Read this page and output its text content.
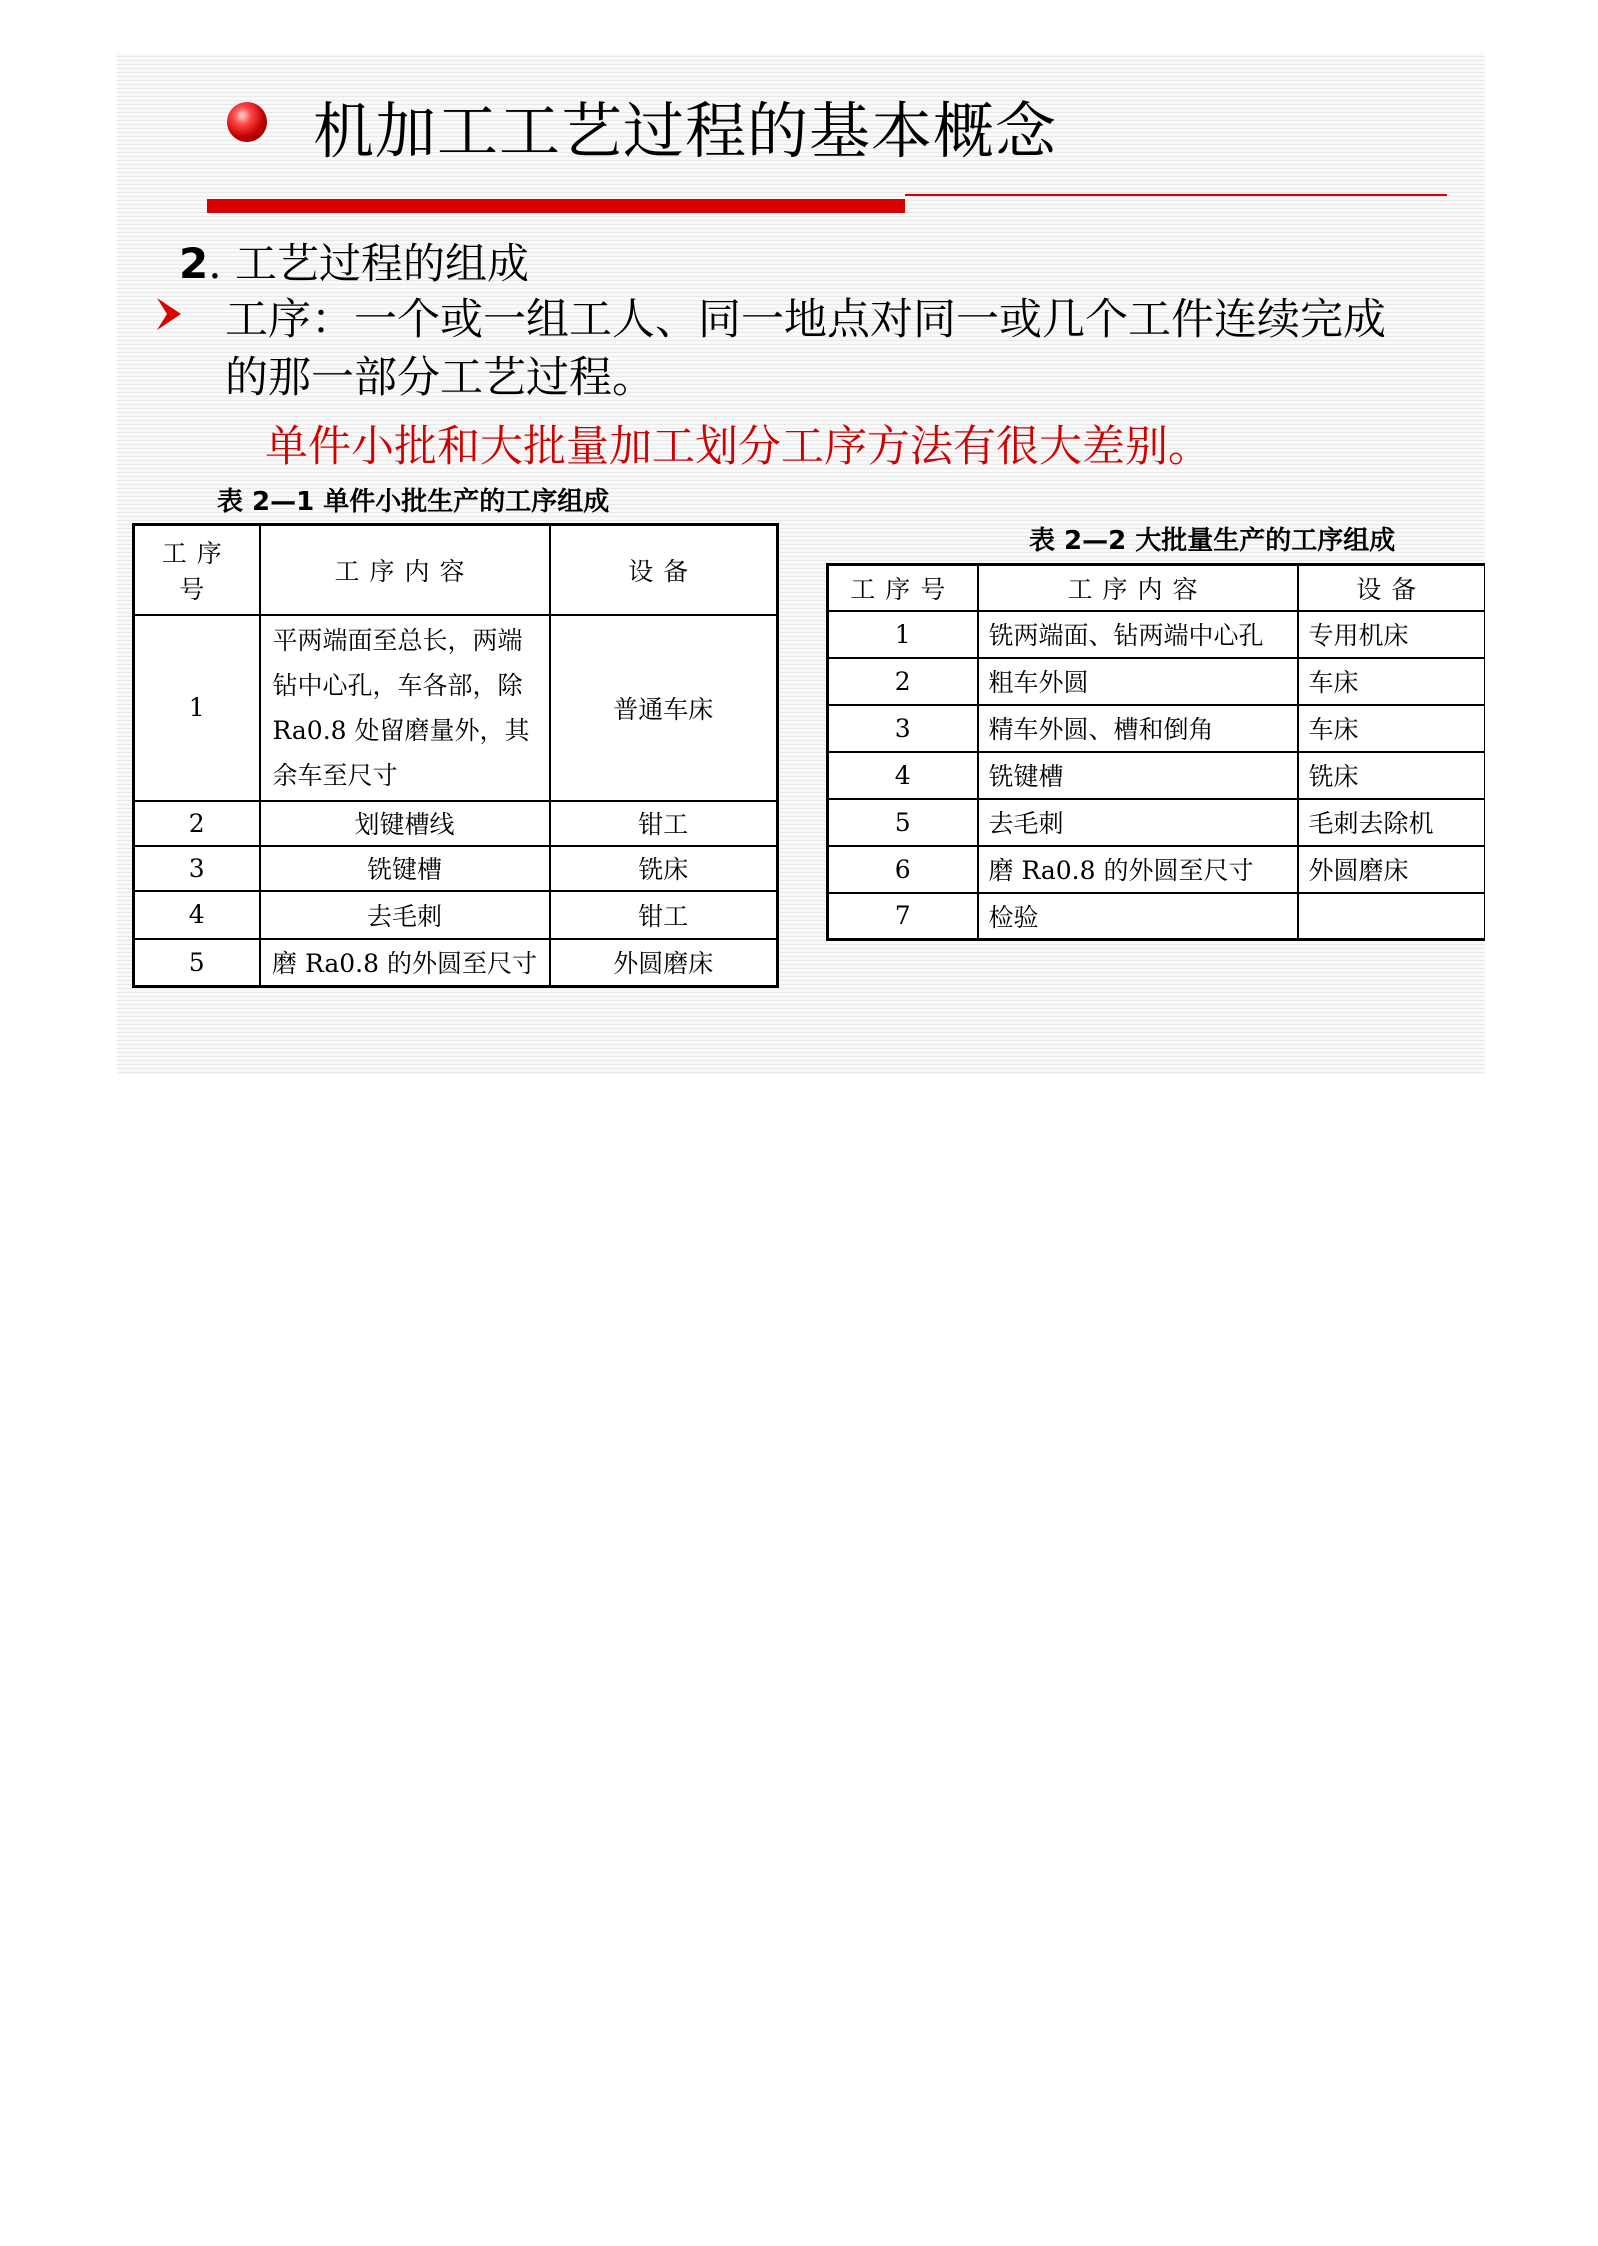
机加工工艺过程的基本概念
2. 工艺过程的组成
工序：一个或一组工人、同一地点对同一或几个工件连续完成的那一部分工艺过程。
单件小批和大批量加工划分工序方法有很大差别。
表 2—1 单件小批生产的工序组成
工序号	工序内容	设备
1	平两端面至总长，两端钻中心孔，车各部，除Ra0.8 处留磨量外，其余车至尺寸	普通车床
2	划键槽线	钳工
3	铣键槽	铣床
4	去毛刺	钳工
5	磨 Ra0.8 的外圆至尺寸	外圆磨床
表 2—2 大批量生产的工序组成
工序号	工序内容	设备
1	铣两端面、钻两端中心孔	专用机床
2	粗车外圆	车床
3	精车外圆、槽和倒角	车床
4	铣键槽	铣床
5	去毛刺	毛刺去除机
6	磨 Ra0.8 的外圆至尺寸	外圆磨床
7	检验	
